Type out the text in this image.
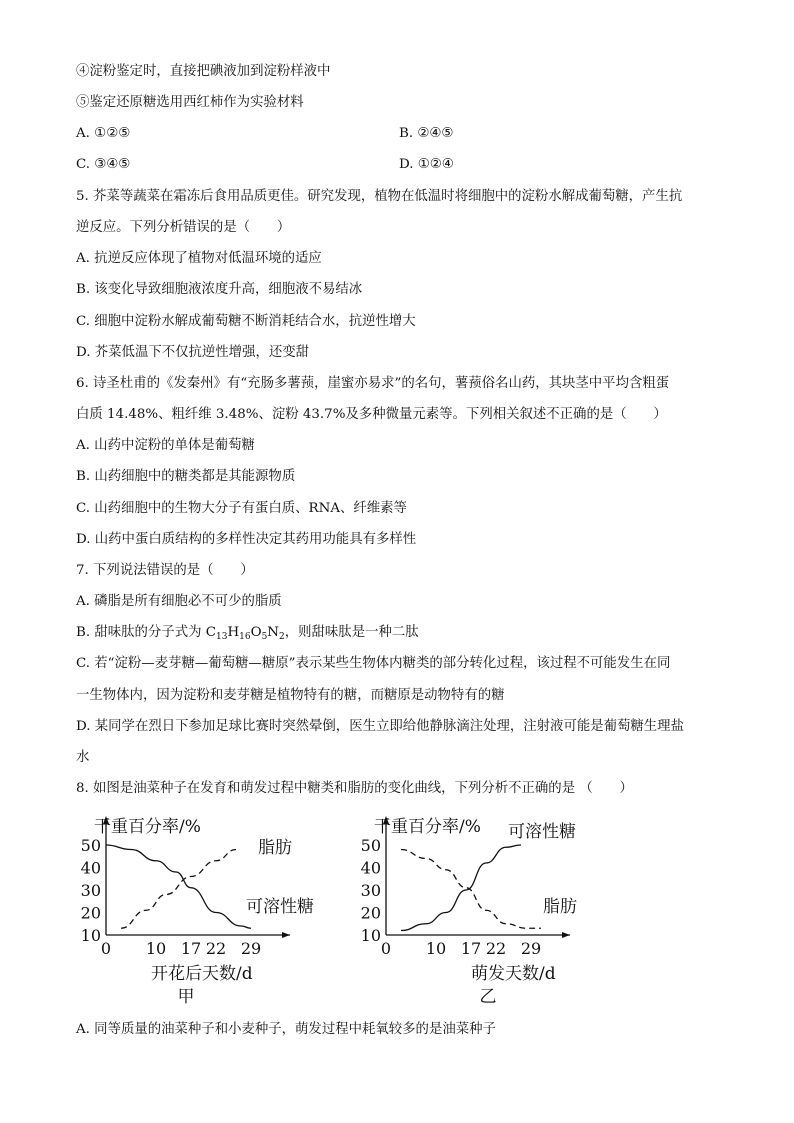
④淀粉鉴定时，直接把碘液加到淀粉样液中
⑤鉴定还原糖选用西红柿作为实验材料
A. ①②⑤	B. ②④⑤
C. ③④⑤	D. ①②④
5. 芥菜等蔬菜在霜冻后食用品质更佳。研究发现，植物在低温时将细胞中的淀粉水解成葡萄糖，产生抗
逆反应。下列分析错误的是（　　）
A. 抗逆反应体现了植物对低温环境的适应
B. 该变化导致细胞液浓度升高，细胞液不易结冰
C. 细胞中淀粉水解成葡萄糖不断消耗结合水，抗逆性增大
D. 芥菜低温下不仅抗逆性增强，还变甜
6. 诗圣杜甫的《发秦州》有“充肠多薯蓣，崖蜜亦易求”的名句，薯蓣俗名山药，其块茎中平均含粗蛋
白质 14.48%、粗纤维 3.48%、淀粉 43.7%及多种微量元素等。下列相关叙述不正确的是（　　）
A. 山药中淀粉的单体是葡萄糖
B. 山药细胞中的糖类都是其能源物质
C. 山药细胞中的生物大分子有蛋白质、RNA、纤维素等
D. 山药中蛋白质结构的多样性决定其药用功能具有多样性
7. 下列说法错误的是（　　）
A. 磷脂是所有细胞必不可少的脂质
B. 甜味肽的分子式为 $C_{13}H_{16}O_5N_2$，则甜味肽是一种二肽
C. 若“淀粉—麦芽糖—葡萄糖—糖原”表示某些生物体内糖类的部分转化过程，该过程不可能发生在同
一生物体内，因为淀粉和麦芽糖是植物特有的糖，而糖原是动物特有的糖
D. 某同学在烈日下参加足球比赛时突然晕倒，医生立即给他静脉滴注处理，注射液可能是葡萄糖生理盐
水
8. 如图是油菜种子在发育和萌发过程中糖类和脂肪的变化曲线，下列分析不正确的是 （　　）
干重百分率/%
10
20
30
40
50
0 10 17 22 29
开花后天数/d
甲
脂肪
可溶性糖
干重百分率/%
10
20
30
40
50
0 10 17 22 29
萌发天数/d
乙
可溶性糖
脂肪
A. 同等质量的油菜种子和小麦种子，萌发过程中耗氧较多的是油菜种子
